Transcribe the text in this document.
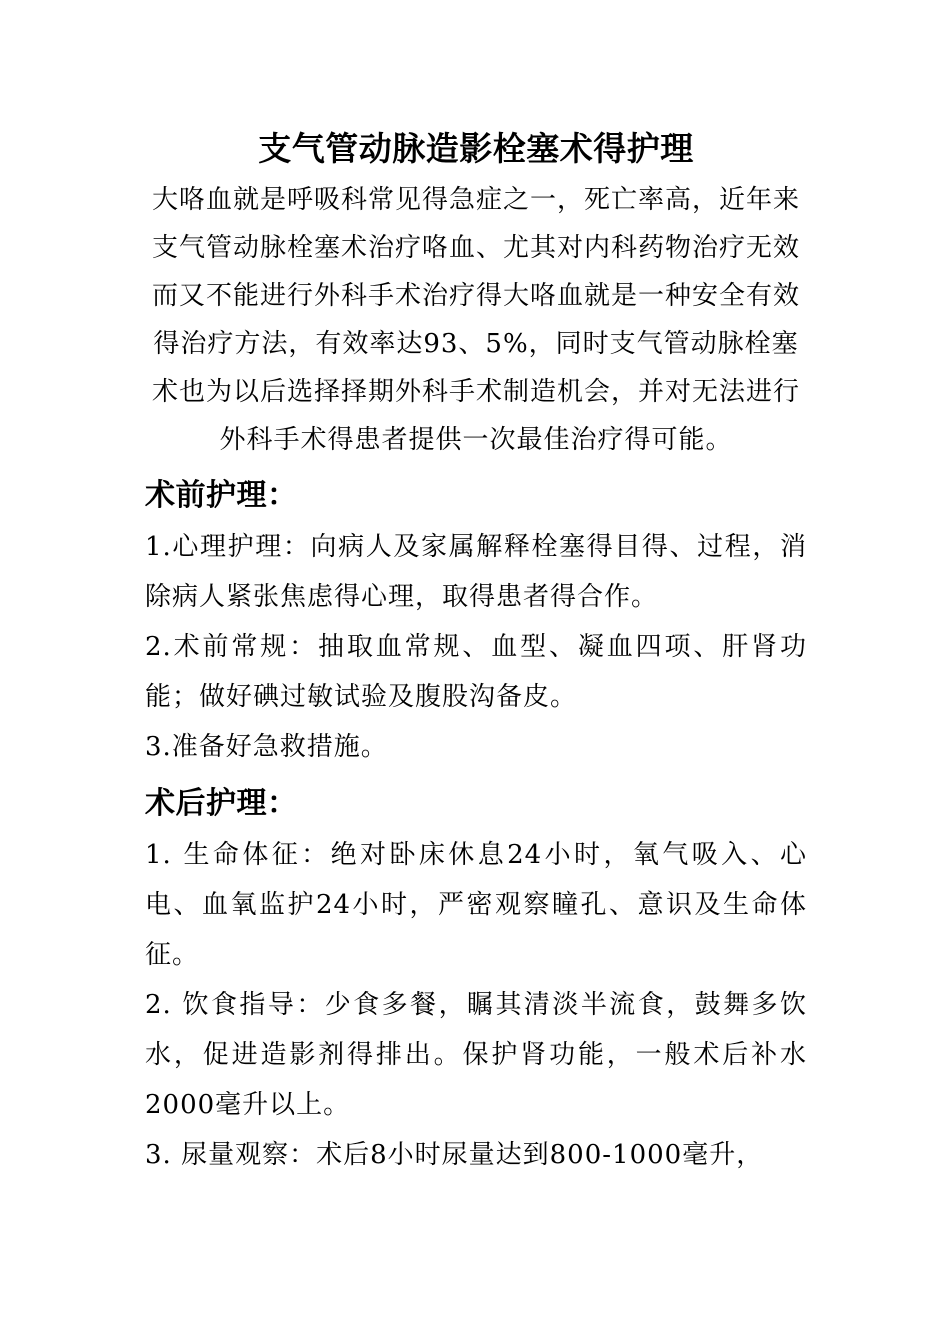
支气管动脉造影栓塞术得护理

大咯血就是呼吸科常见得急症之一，死亡率高，近年来支气管动脉栓塞术治疗咯血、尤其对内科药物治疗无效而又不能进行外科手术治疗得大咯血就是一种安全有效得治疗方法，有效率达93、5%，同时支气管动脉栓塞术也为以后选择择期外科手术制造机会，并对无法进行外科手术得患者提供一次最佳治疗得可能。

术前护理：

1.心理护理：向病人及家属解释栓塞得目得、过程，消除病人紧张焦虑得心理，取得患者得合作。

2.术前常规：抽取血常规、血型、凝血四项、肝肾功能；做好碘过敏试验及腹股沟备皮。

3.准备好急救措施。

术后护理：

1. 生命体征：绝对卧床休息24小时，氧气吸入、心电、血氧监护24小时，严密观察瞳孔、意识及生命体征。

2. 饮食指导：少食多餐，瞩其清淡半流食，鼓舞多饮水，促进造影剂得排出。保护肾功能，一般术后补水2000毫升以上。

3. 尿量观察：术后8小时尿量达到800-1000毫升，
